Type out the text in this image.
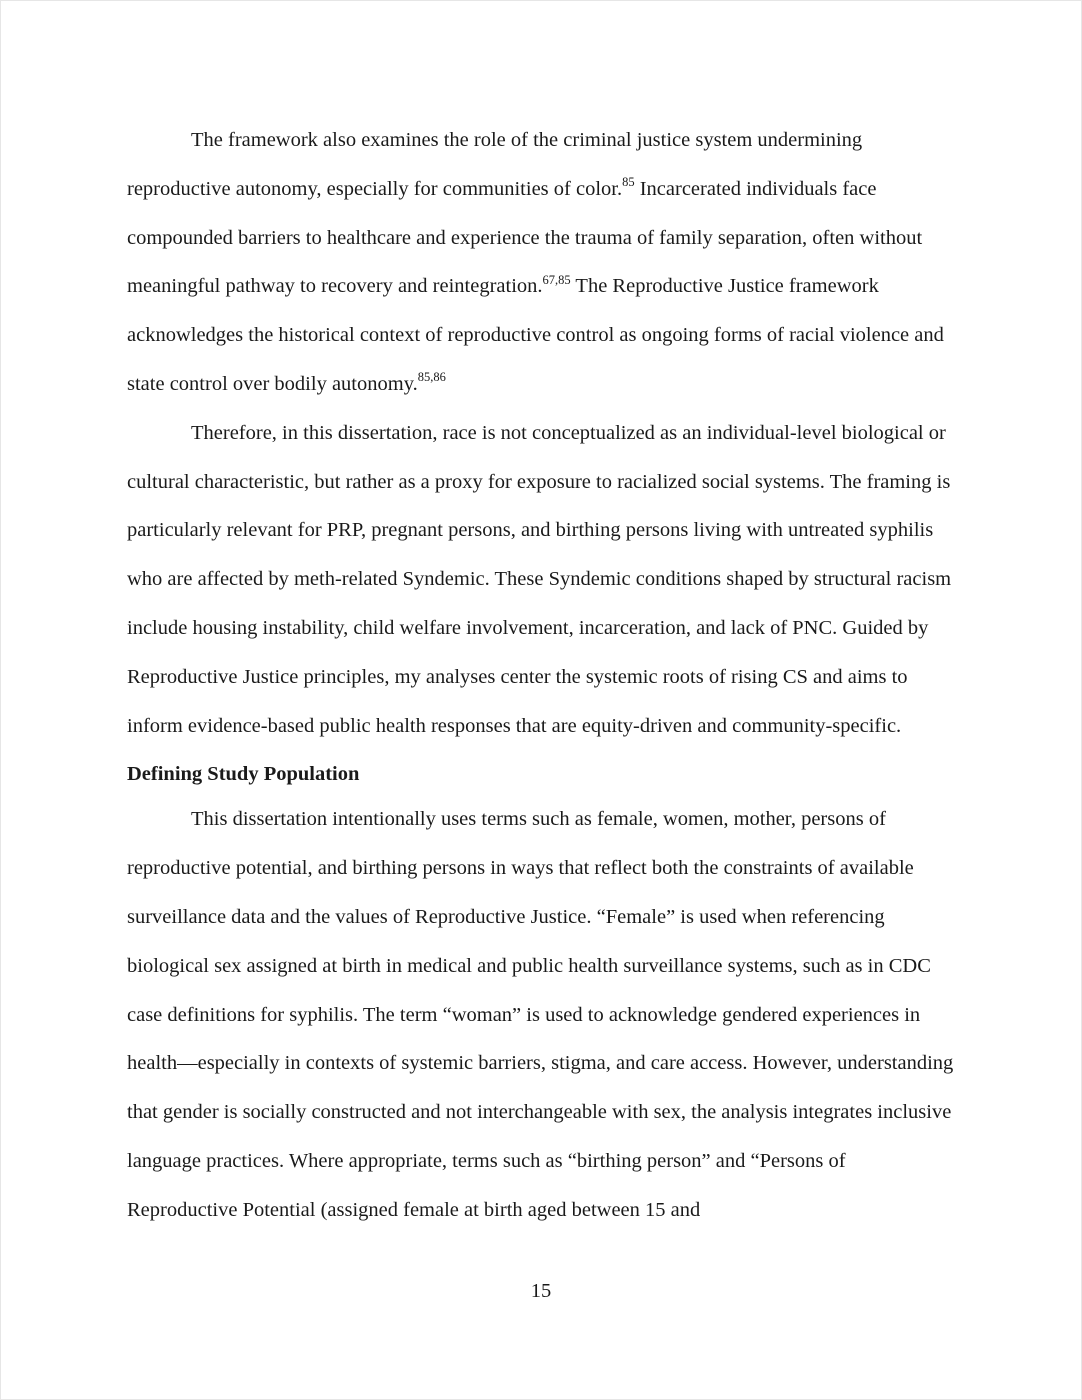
The framework also examines the role of the criminal justice system undermining reproductive autonomy, especially for communities of color.$^{85}$ Incarcerated individuals face compounded barriers to healthcare and experience the trauma of family separation, often without meaningful pathway to recovery and reintegration.$^{67,85}$ The Reproductive Justice framework acknowledges the historical context of reproductive control as ongoing forms of racial violence and state control over bodily autonomy.$^{85,86}$

Therefore, in this dissertation, race is not conceptualized as an individual-level biological or cultural characteristic, but rather as a proxy for exposure to racialized social systems. The framing is particularly relevant for PRP, pregnant persons, and birthing persons living with untreated syphilis who are affected by meth-related Syndemic. These Syndemic conditions shaped by structural racism include housing instability, child welfare involvement, incarceration, and lack of PNC. Guided by Reproductive Justice principles, my analyses center the systemic roots of rising CS and aims to inform evidence-based public health responses that are equity-driven and community-specific.

Defining Study Population

This dissertation intentionally uses terms such as female, women, mother, persons of reproductive potential, and birthing persons in ways that reflect both the constraints of available surveillance data and the values of Reproductive Justice. “Female” is used when referencing biological sex assigned at birth in medical and public health surveillance systems, such as in CDC case definitions for syphilis. The term “woman” is used to acknowledge gendered experiences in health—especially in contexts of systemic barriers, stigma, and care access. However, understanding that gender is socially constructed and not interchangeable with sex, the analysis integrates inclusive language practices. Where appropriate, terms such as “birthing person” and “Persons of Reproductive Potential (assigned female at birth aged between 15 and

15
